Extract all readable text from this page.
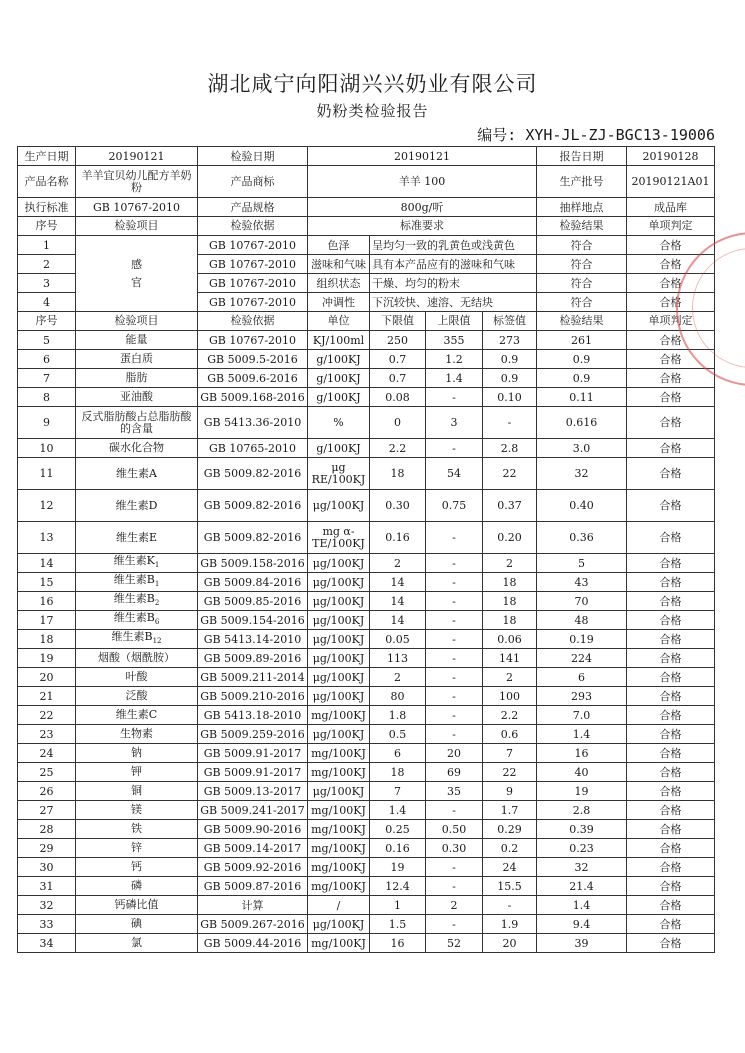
湖北咸宁向阳湖兴兴奶业有限公司
奶粉类检验报告
编号: XYH-JL-ZJ-BGC13-19006
生产日期	20190121	检验日期	20190121				报告日期	20190128
产品名称	羊羊宜贝幼儿配方羊奶粉	产品商标	羊羊 100				生产批号	20190121A01
执行标准	GB 10767-2010	产品规格	800g/听				抽样地点	成品库
序号	检验项目	检验依据	标准要求				检验结果	单项判定
1	感官	GB 10767-2010	色泽	呈均匀一致的乳黄色或浅黄色			符合	合格
2		GB 10767-2010	滋味和气味	具有本产品应有的滋味和气味			符合	合格
3		GB 10767-2010	组织状态	干燥、均匀的粉末			符合	合格
4		GB 10767-2010	冲调性	下沉较快、速溶、无结块			符合	合格
序号	检验项目	检验依据	单位	下限值	上限值	标签值	检验结果	单项判定
5	能量	GB 10767-2010	KJ/100ml	250	355	273	261	合格
6	蛋白质	GB 5009.5-2016	g/100KJ	0.7	1.2	0.9	0.9	合格
7	脂肪	GB 5009.6-2016	g/100KJ	0.7	1.4	0.9	0.9	合格
8	亚油酸	GB 5009.168-2016	g/100KJ	0.08	-	0.10	0.11	合格
9	反式脂肪酸占总脂肪酸的含量	GB 5413.36-2010	%	0	3	-	0.616	合格
10	碳水化合物	GB 10765-2010	g/100KJ	2.2	-	2.8	3.0	合格
11	维生素A	GB 5009.82-2016	μg RE/100KJ	18	54	22	32	合格
12	维生素D	GB 5009.82-2016	μg/100KJ	0.30	0.75	0.37	0.40	合格
13	维生素E	GB 5009.82-2016	mg α-TE/100KJ	0.16	-	0.20	0.36	合格
14	维生素$K_1$	GB 5009.158-2016	μg/100KJ	2	-	2	5	合格
15	维生素$B_1$	GB 5009.84-2016	μg/100KJ	14	-	18	43	合格
16	维生素$B_2$	GB 5009.85-2016	μg/100KJ	14	-	18	70	合格
17	维生素$B_6$	GB 5009.154-2016	μg/100KJ	14	-	18	48	合格
18	维生素$B_{12}$	GB 5413.14-2010	μg/100KJ	0.05	-	0.06	0.19	合格
19	烟酸（烟酰胺）	GB 5009.89-2016	μg/100KJ	113	-	141	224	合格
20	叶酸	GB 5009.211-2014	μg/100KJ	2	-	2	6	合格
21	泛酸	GB 5009.210-2016	μg/100KJ	80	-	100	293	合格
22	维生素C	GB 5413.18-2010	mg/100KJ	1.8	-	2.2	7.0	合格
23	生物素	GB 5009.259-2016	μg/100KJ	0.5	-	0.6	1.4	合格
24	钠	GB 5009.91-2017	mg/100KJ	6	20	7	16	合格
25	钾	GB 5009.91-2017	mg/100KJ	18	69	22	40	合格
26	铜	GB 5009.13-2017	μg/100KJ	7	35	9	19	合格
27	镁	GB 5009.241-2017	mg/100KJ	1.4	-	1.7	2.8	合格
28	铁	GB 5009.90-2016	mg/100KJ	0.25	0.50	0.29	0.39	合格
29	锌	GB 5009.14-2017	mg/100KJ	0.16	0.30	0.2	0.23	合格
30	钙	GB 5009.92-2016	mg/100KJ	19	-	24	32	合格
31	磷	GB 5009.87-2016	mg/100KJ	12.4	-	15.5	21.4	合格
32	钙磷比值	计算	/	1	2	-	1.4	合格
33	碘	GB 5009.267-2016	μg/100KJ	1.5	-	1.9	9.4	合格
34	氯	GB 5009.44-2016	mg/100KJ	16	52	20	39	合格
